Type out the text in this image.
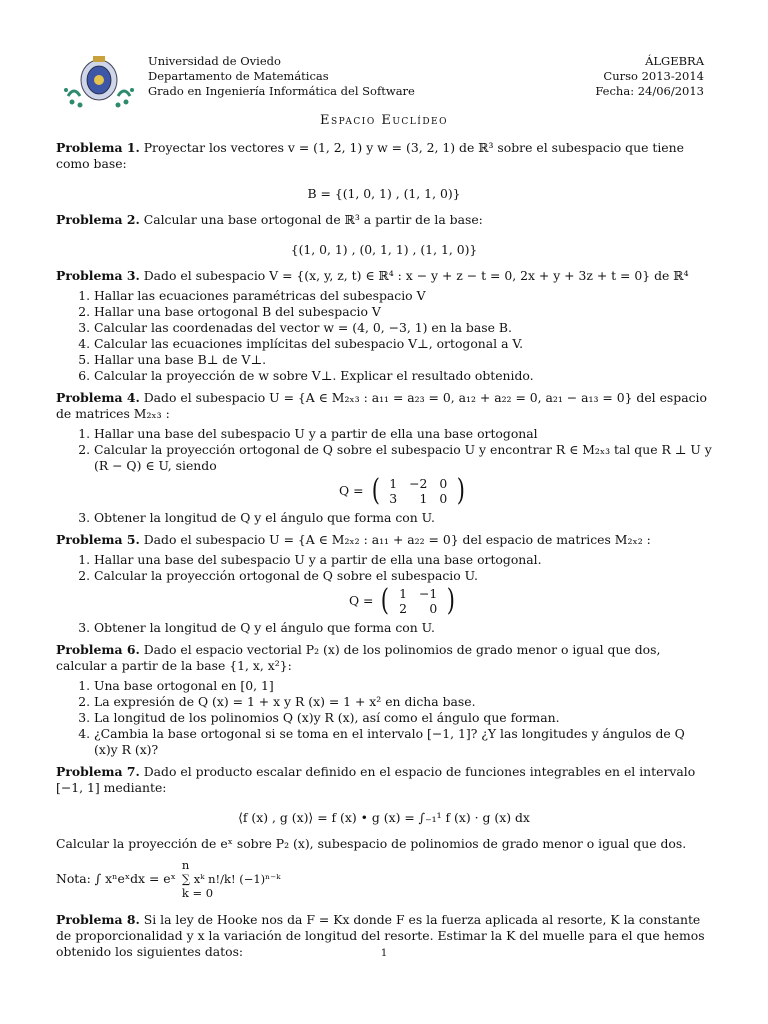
Universidad de Oviedo
Departamento de Matemáticas
Grado en Ingeniería Informática del Software
ÁLGEBRA
Curso 2013-2014
Fecha: 24/06/2013
Espacio Euclídeo

Problema 1. Proyectar los vectores v = (1, 2, 1) y w = (3, 2, 1) de ℝ³ sobre el subespacio que tiene como base:

B = {(1, 0, 1) , (1, 1, 0)}

Problema 2. Calcular una base ortogonal de ℝ³ a partir de la base:

{(1, 0, 1) , (0, 1, 1) , (1, 1, 0)}

Problema 3. Dado el subespacio V = {(x, y, z, t) ∈ ℝ⁴ : x − y + z − t = 0, 2x + y + 3z + t = 0} de ℝ⁴

1. Hallar las ecuaciones paramétricas del subespacio V
2. Hallar una base ortogonal B del subespacio V
3. Calcular las coordenadas del vector w = (4, 0, −3, 1) en la base B.
4. Calcular las ecuaciones implícitas del subespacio V⊥, ortogonal a V.
5. Hallar una base B⊥ de V⊥.
6. Calcular la proyección de w sobre V⊥. Explicar el resultado obtenido.

Problema 4. Dado el subespacio U = {A ∈ M₂ₓ₃ : a₁₁ = a₂₃ = 0, a₁₂ + a₂₂ = 0, a₂₁ − a₁₃ = 0} del espacio de matrices M₂ₓ₃ :

1. Hallar una base del subespacio U y a partir de ella una base ortogonal
2. Calcular la proyección ortogonal de Q sobre el subespacio U y encontrar R ∈ M₂ₓ₃ tal que R ⊥ U y (R − Q) ∈ U, siendo
Q = ( 1	−2	0
3	1	0 )
3. Obtener la longitud de Q y el ángulo que forma con U.

Problema 5. Dado el subespacio U = {A ∈ M₂ₓ₂ : a₁₁ + a₂₂ = 0} del espacio de matrices M₂ₓ₂ :

1. Hallar una base del subespacio U y a partir de ella una base ortogonal.
2. Calcular la proyección ortogonal de Q sobre el subespacio U.
Q = ( 1	−1
2	0 )
3. Obtener la longitud de Q y el ángulo que forma con U.

Problema 6. Dado el espacio vectorial P₂ (x) de los polinomios de grado menor o igual que dos, calcular a partir de la base {1, x, x²}:

1. Una base ortogonal en [0, 1]
2. La expresión de Q (x) = 1 + x y R (x) = 1 + x² en dicha base.
3. La longitud de los polinomios Q (x)y R (x), así como el ángulo que forman.
4. ¿Cambia la base ortogonal si se toma en el intervalo [−1, 1]? ¿Y las longitudes y ángulos de Q (x)y R (x)?

Problema 7. Dado el producto escalar definido en el espacio de funciones integrables en el intervalo [−1, 1] mediante:

⟨f (x) , g (x)⟩ = f (x) • g (x) = ∫₋₁¹ f (x) · g (x) dx

Calcular la proyección de eˣ sobre P₂ (x), subespacio de polinomios de grado menor o igual que dos.

Nota: ∫ xⁿeˣdx = eˣ
n
∑ xᵏ n!/k! (−1)ⁿ⁻ᵏ
k = 0

Problema 8. Si la ley de Hooke nos da F = Kx donde F es la fuerza aplicada al resorte, K la constante de proporcionalidad y x la variación de longitud del resorte. Estimar la K del muelle para el que hemos obtenido los siguientes datos:	1
